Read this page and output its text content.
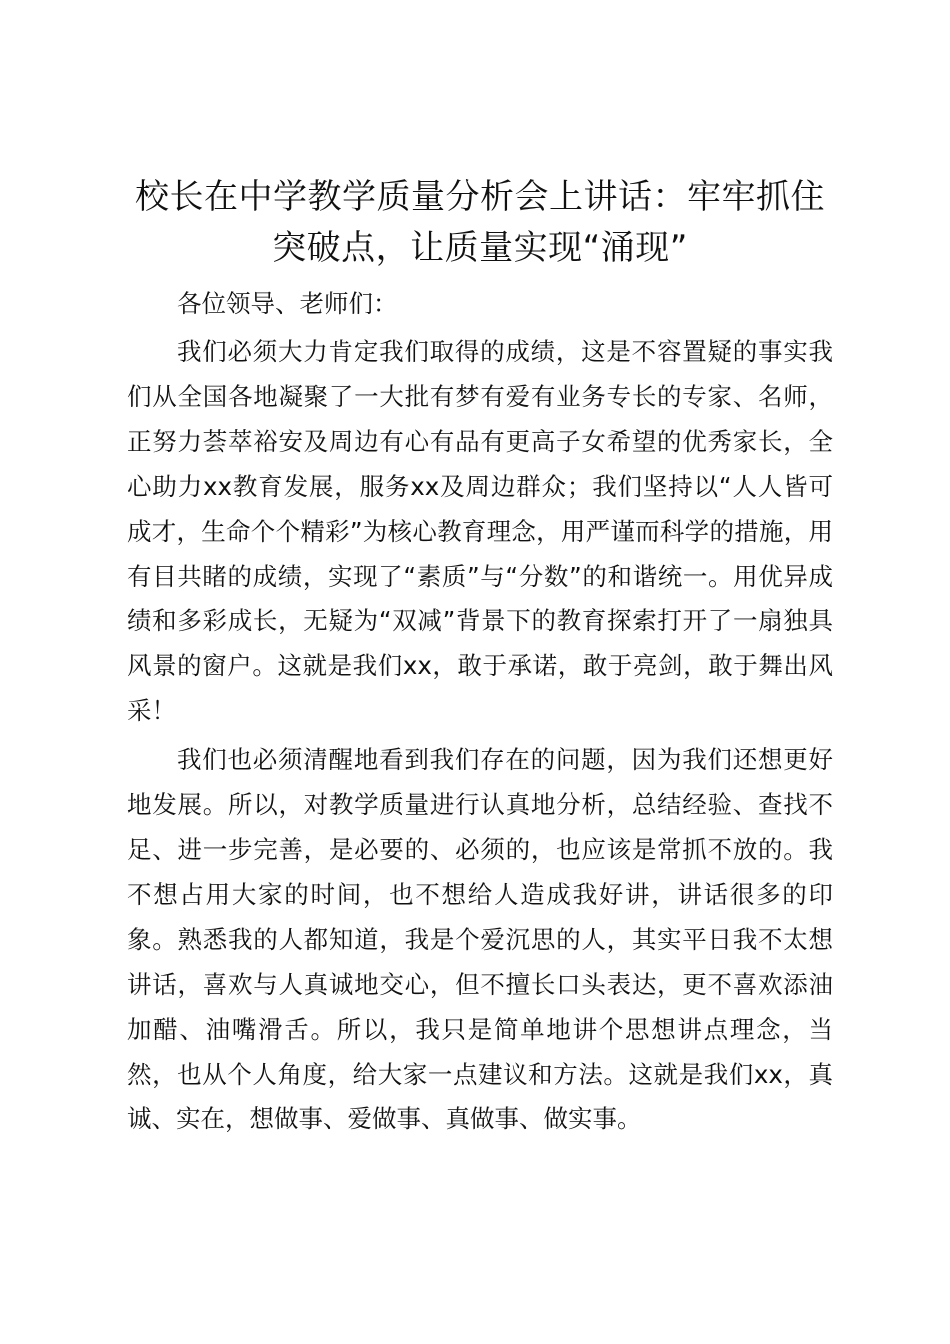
校长在中学教学质量分析会上讲话：牢牢抓住突破点，让质量实现“涌现”

各位领导、老师们：

我们必须大力肯定我们取得的成绩，这是不容置疑的事实我们从全国各地凝聚了一大批有梦有爱有业务专长的专家、名师，正努力荟萃裕安及周边有心有品有更高子女希望的优秀家长，全心助力xx教育发展，服务xx及周边群众；我们坚持以“人人皆可成才，生命个个精彩”为核心教育理念，用严谨而科学的措施，用有目共睹的成绩，实现了“素质”与“分数”的和谐统一。用优异成绩和多彩成长，无疑为“双减”背景下的教育探索打开了一扇独具风景的窗户。这就是我们xx，敢于承诺，敢于亮剑，敢于舞出风采！

我们也必须清醒地看到我们存在的问题，因为我们还想更好地发展。所以，对教学质量进行认真地分析，总结经验、查找不足、进一步完善，是必要的、必须的，也应该是常抓不放的。我不想占用大家的时间，也不想给人造成我好讲，讲话很多的印象。熟悉我的人都知道，我是个爱沉思的人，其实平日我不太想讲话，喜欢与人真诚地交心，但不擅长口头表达，更不喜欢添油加醋、油嘴滑舌。所以，我只是简单地讲个思想讲点理念，当然，也从个人角度，给大家一点建议和方法。这就是我们xx，真诚、实在，想做事、爱做事、真做事、做实事。
